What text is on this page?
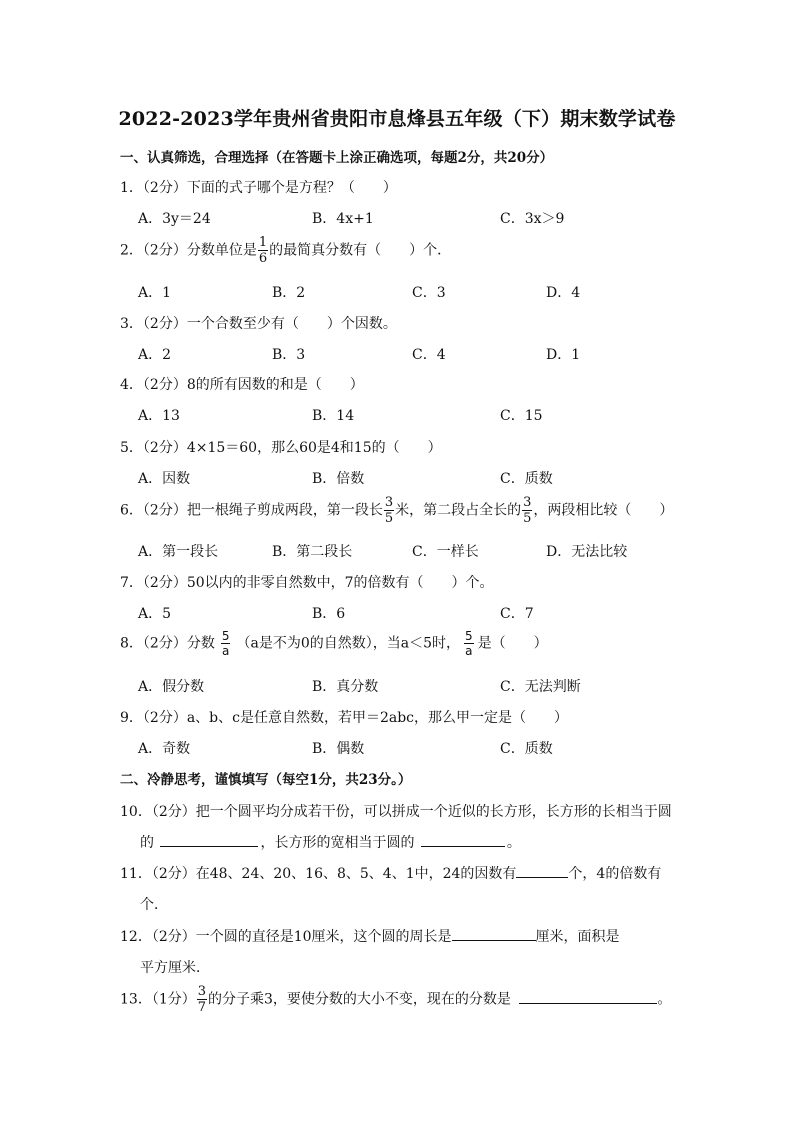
2022-2023学年贵州省贵阳市息烽县五年级（下）期末数学试卷
一、认真筛选，合理选择（在答题卡上涂正确选项，每题2分，共20分）
1．（2分）下面的式子哪个是方程？（　　）
A．3y＝24	B．4x+1	C．3x＞9
2．（2分）分数单位是 $\frac{1}{6}$ 的最简真分数有（　　）个．
A．1	B．2	C．3	D．4
3．（2分）一个合数至少有（　　）个因数。
A．2	B．3	C．4	D．1
4．（2分）8的所有因数的和是（　　）
A．13	B．14	C．15
5．（2分）4×15＝60，那么60是4和15的（　　）
A．因数	B．倍数	C．质数
6．（2分）把一根绳子剪成两段，第一段长 $\frac{3}{5}$ 米，第二段占全长的 $\frac{3}{5}$ ，两段相比较（　　）
A．第一段长	B．第二段长	C．一样长	D．无法比较
7．（2分）50以内的非零自然数中，7的倍数有（　　）个。
A．5	B．6	C．7
8．（2分）分数 $\frac{5}{a} (a$是不为0的自然数），当a＜5时， $\frac{5}{a}$ 是（　　）
A．假分数	B．真分数	C．无法判断
9．（2分）a、b、c是任意自然数，若甲＝2abc，那么甲一定是（　　）
A．奇数	B．偶数	C．质数
二、冷静思考，谨慎填写（每空1分，共23分。）
10．（2分）把一个圆平均分成若干份，可以拼成一个近似的长方形，长方形的长相当于圆
的	，长方形的宽相当于圆的	。
11．（2分）在48、24、20、16、8、5、4、1中，24的因数有	个，4的倍数有
个．
12．（2分）一个圆的直径是10厘米，这个圆的周长是	厘米，面积是
平方厘米．
13．（1分） $\frac{3}{7}$ 的分子乘3，要使分数的大小不变，现在的分数是	。
